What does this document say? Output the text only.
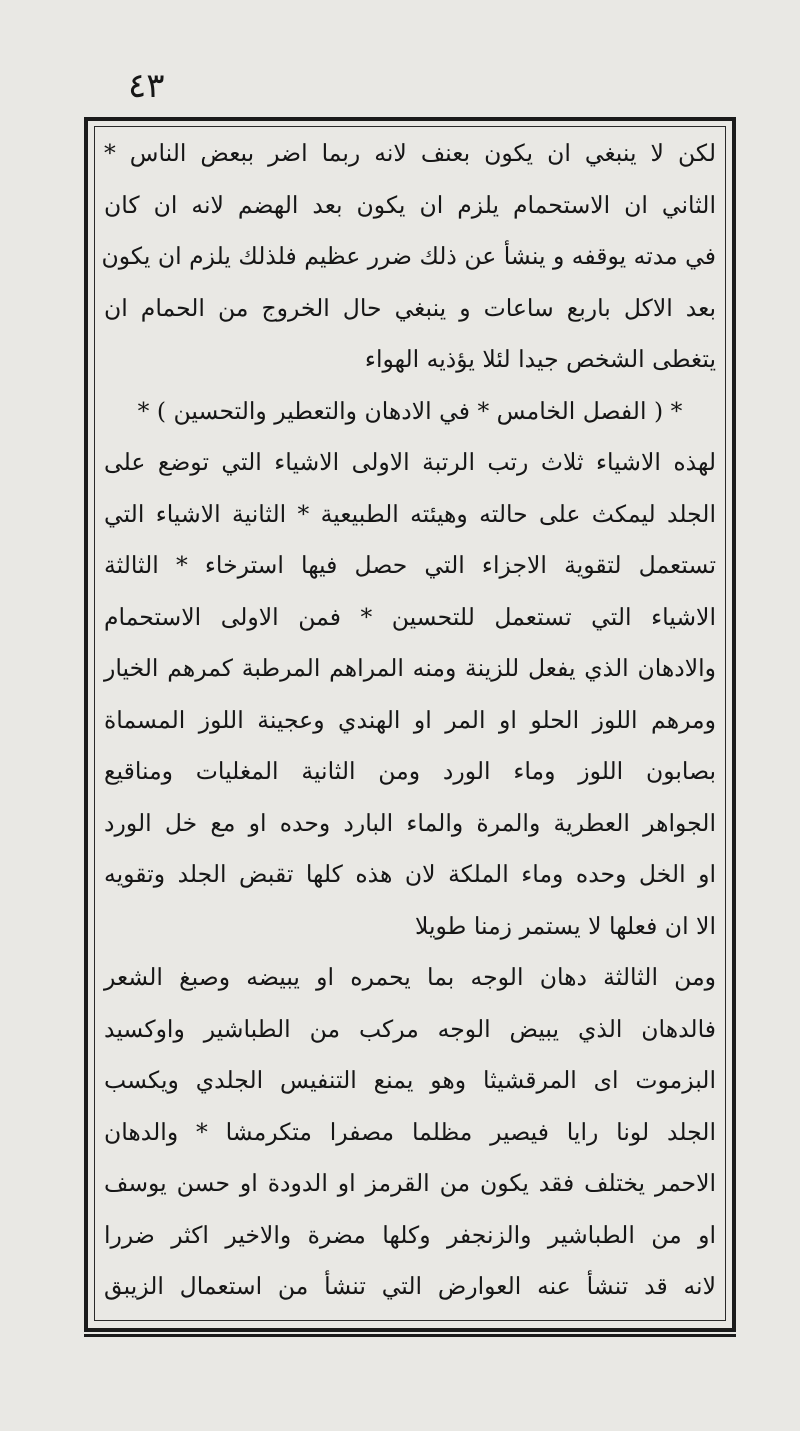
٤٣
لكن لا ينبغي ان يكون بعنف لانه ربما اضر ببعض الناس *
الثاني ان الاستحمام يلزم ان يكون بعد الهضم لانه ان كان
في مدته يوقفه و ينشأ عن ذلك ضرر عظيم فلذلك يلزم ان يكون
بعد الاكل باربع ساعات و ينبغي حال الخروج من الحمام ان
يتغطى الشخص جيدا لئلا يؤذيه الهواء
* ( الفصل الخامس * في الادهان والتعطير والتحسين ) *
لهذه الاشياء ثلاث رتب الرتبة الاولى الاشياء التي توضع على
الجلد ليمكث على حالته وهيئته الطبيعية * الثانية الاشياء التي
تستعمل لتقوية الاجزاء التي حصل فيها استرخاء * الثالثة
الاشياء التي تستعمل للتحسين * فمن الاولى الاستحمام
والادهان الذي يفعل للزينة ومنه المراهم المرطبة كمرهم الخيار
ومرهم اللوز الحلو او المر او الهندي وعجينة اللوز المسماة
بصابون اللوز وماء الورد ومن الثانية المغليات ومناقيع
الجواهر العطرية والمرة والماء البارد وحده او مع خل الورد
او الخل وحده وماء الملكة لان هذه كلها تقبض الجلد وتقويه
الا ان فعلها لا يستمر زمنا طويلا
ومن الثالثة دهان الوجه بما يحمره او يبيضه وصبغ الشعر
فالدهان الذي يبيض الوجه مركب من الطباشير واوكسيد
البزموت اى المرقشيثا وهو يمنع التنفيس الجلدي ويكسب
الجلد لونا رايا فيصير مظلما مصفرا متكرمشا * والدهان
الاحمر يختلف فقد يكون من القرمز او الدودة او حسن يوسف
او من الطباشير والزنجفر وكلها مضرة والاخير اكثر ضررا
لانه قد تنشأ عنه العوارض التي تنشأ من استعمال الزيبق
